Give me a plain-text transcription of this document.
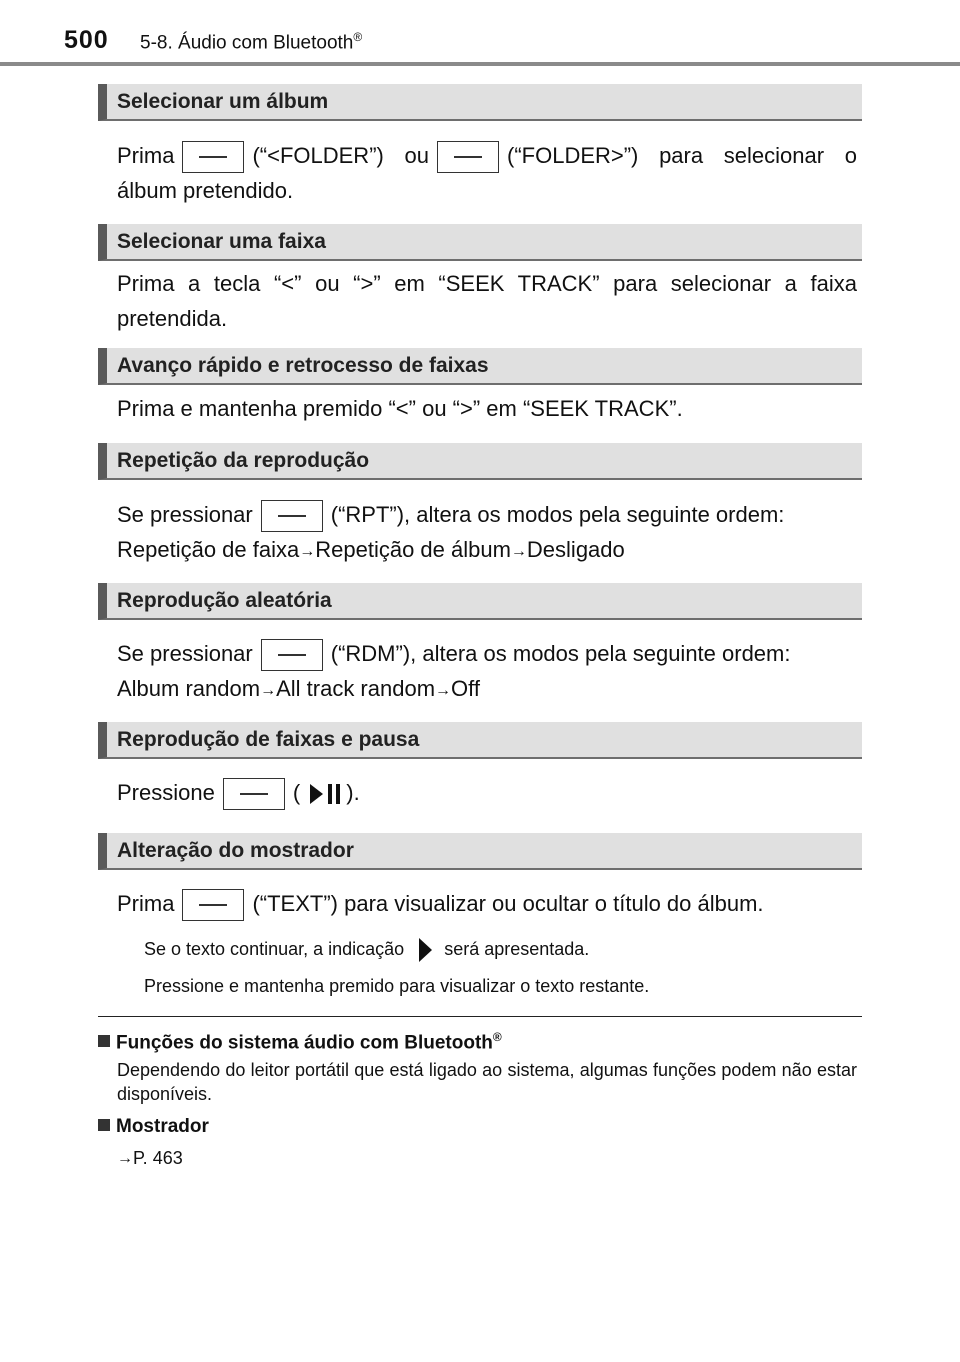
500 5-8. Áudio com Bluetooth®
Selecionar um álbum
Prima	(“<FOLDER”) ou	(“FOLDER>”) para selecionar o
álbum pretendido.
Selecionar uma faixa
Prima a tecla “<” ou “>” em “SEEK TRACK” para selecionar a faixa
pretendida.
Avanço rápido e retrocesso de faixas
Prima e mantenha premido “<” ou “>” em “SEEK TRACK”.
Repetição da reprodução
Se pressionar	(“RPT”), altera os modos pela seguinte ordem:
Repetição de faixa→Repetição de álbum→Desligado
Reprodução aleatória
Se pressionar	(“RDM”), altera os modos pela seguinte ordem:
Album random→All track random→Off
Reprodução de faixas e pausa
Pressione	( ).
Alteração do mostrador
Prima	(“TEXT”) para visualizar ou ocultar o título do álbum.
Se o texto continuar, a indicação será apresentada.
Pressione e mantenha premido para visualizar o texto restante.
Funções do sistema áudio com Bluetooth®
Dependendo do leitor portátil que está ligado ao sistema, algumas funções podem não estar disponíveis.
Mostrador
→P. 463
